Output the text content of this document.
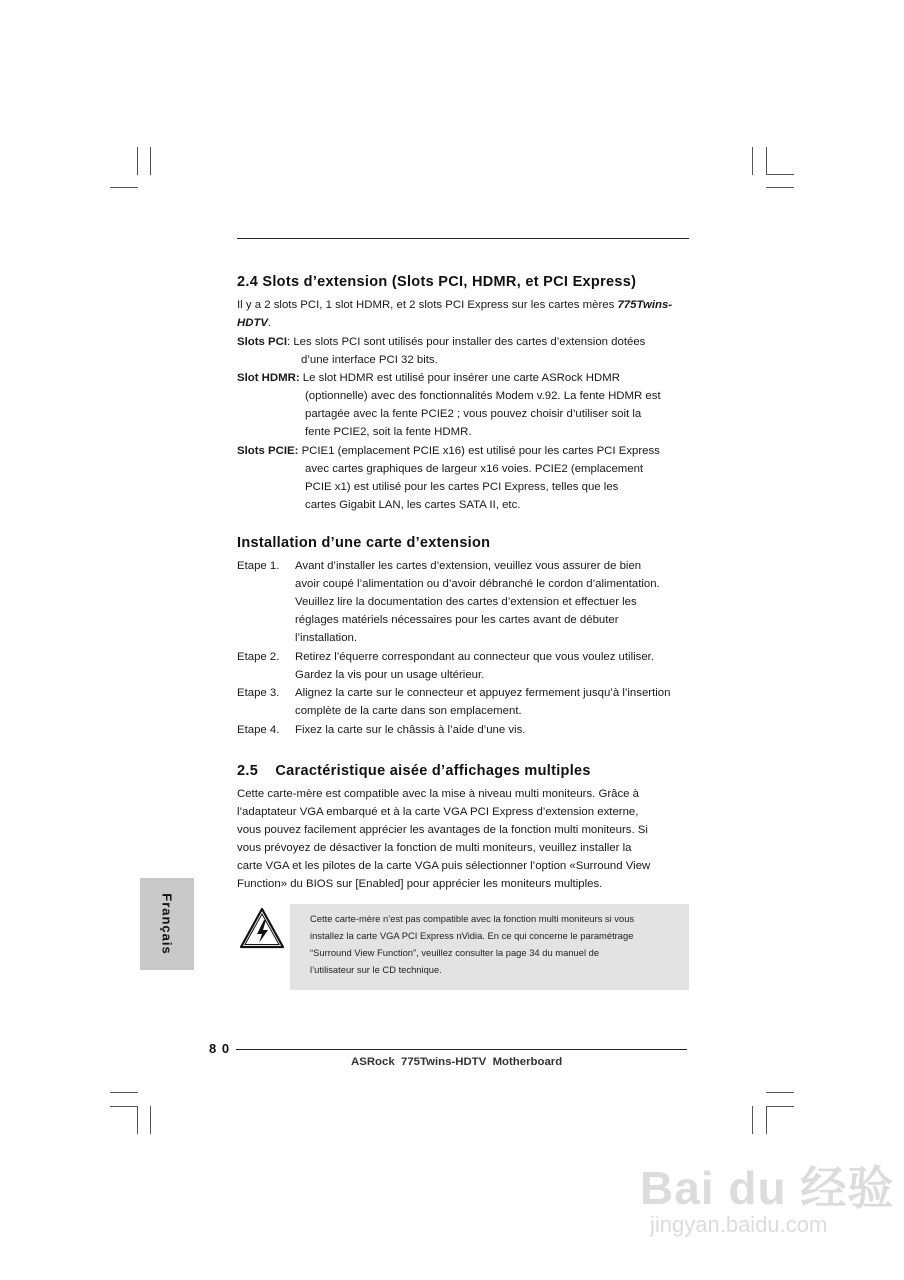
2.4 Slots d’extension (Slots PCI, HDMR, et PCI Express)
Il y a 2 slots PCI, 1 slot HDMR, et 2 slots PCI Express sur les cartes mères 775Twins-
HDTV.
Slots PCI: Les slots PCI sont utilisés pour installer des cartes d’extension dotées
d’une interface PCI 32 bits.
Slot HDMR: Le slot HDMR est utilisé pour insérer une carte ASRock HDMR
(optionnelle) avec des fonctionnalités Modem v.92. La fente HDMR est
partagée avec la fente PCIE2 ; vous pouvez choisir d’utiliser soit la
fente PCIE2, soit la fente HDMR.
Slots PCIE: PCIE1 (emplacement PCIE x16) est utilisé pour les cartes PCI Express
avec cartes graphiques de largeur x16 voies. PCIE2 (emplacement
PCIE x1) est utilisé pour les cartes PCI Express, telles que les
cartes Gigabit LAN, les cartes SATA II, etc.
Installation d’une carte d’extension
Etape 1. Avant d’installer les cartes d’extension, veuillez vous assurer de bien
avoir coupé l’alimentation ou d’avoir débranché le cordon d’alimentation.
Veuillez lire la documentation des cartes d’extension et effectuer les
réglages matériels nécessaires pour les cartes avant de débuter
l’installation.
Etape 2. Retirez l’équerre correspondant au connecteur que vous voulez utiliser.
Gardez la vis pour un usage ultérieur.
Etape 3. Alignez la carte sur le connecteur et appuyez fermement jusqu’à l’insertion
complète de la carte dans son emplacement.
Etape 4. Fixez la carte sur le châssis à l’aide d’une vis.
2.5    Caractéristique aisée d’affichages multiples
Cette carte-mère est compatible avec la mise à niveau multi moniteurs. Grâce à
l’adaptateur VGA embarqué et à la carte VGA PCI Express d’extension externe,
vous pouvez facilement apprécier les avantages de la fonction multi moniteurs. Si
vous prévoyez de désactiver la fonction de multi moniteurs, veuillez installer la
carte VGA et les pilotes de la carte VGA puis sélectionner l’option «Surround View
Function» du BIOS sur [Enabled] pour apprécier les moniteurs multiples.
Français	Cette carte-mère n’est pas compatible avec la fonction multi moniteurs si vous
installez la carte VGA PCI Express nVidia. En ce qui concerne le paramétrage
“Surround View Function”, veuillez consulter la page 34 du manuel de
l’utilisateur sur le CD technique.
8 0
ASRock  775Twins-HDTV  Motherboard
Bai du 经验
jingyan.baidu.com
